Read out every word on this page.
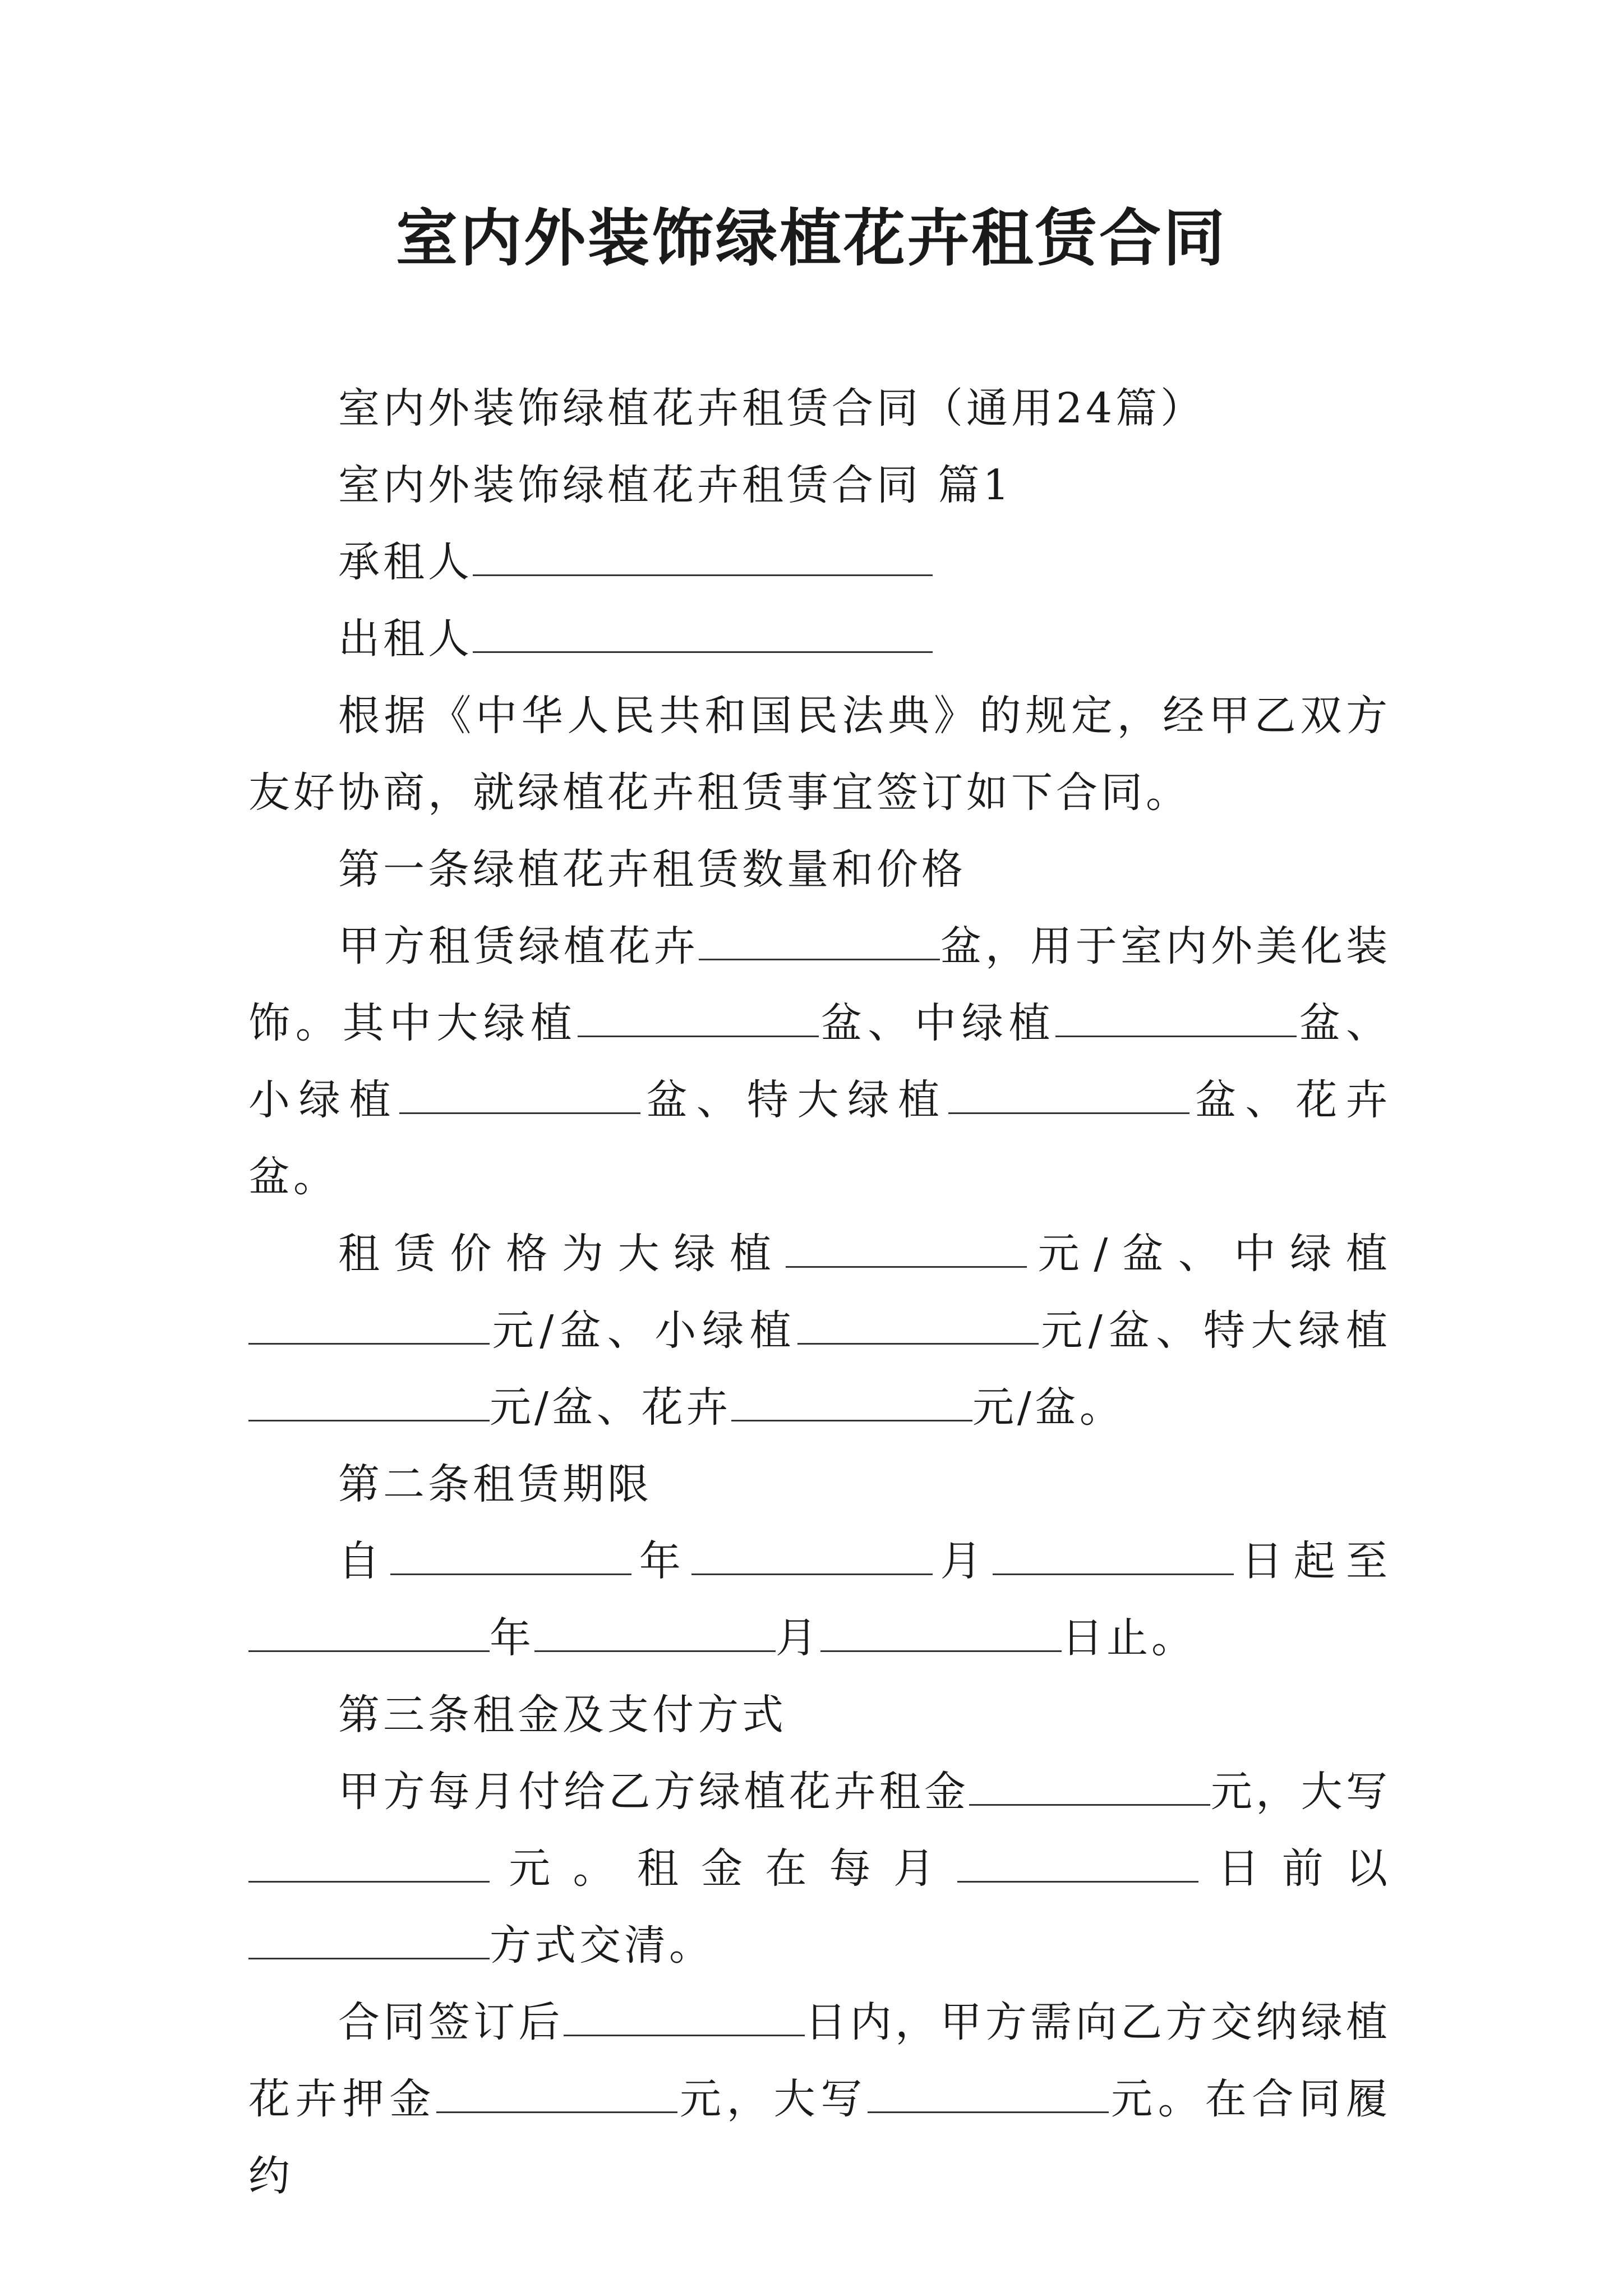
室内外装饰绿植花卉租赁合同

室内外装饰绿植花卉租赁合同（通用24篇）

室内外装饰绿植花卉租赁合同 篇1

承租人

出租人

根据《中华人民共和国民法典》的规定，经甲乙双方友好协商，就绿植花卉租赁事宜签订如下合同。

第一条绿植花卉租赁数量和价格

甲方租赁绿植花卉	盆，用于室内外美化装饰。其中大绿植	盆、中绿植	盆、小绿植	盆、特大绿植	盆、花卉盆。

租赁价格为大绿植	元/盆、中绿植元/盆、小绿植	元/盆、特大绿植元/盆、花卉	元/盆。

第二条租赁期限

自	年	月	日起至年	月	日止。

第三条租金及支付方式

甲方每月付给乙方绿植花卉租金	元，大写元。租金在每月	日前以方式交清。

合同签订后	日内，甲方需向乙方交纳绿植花卉押金	元，大写	元。在合同履约
